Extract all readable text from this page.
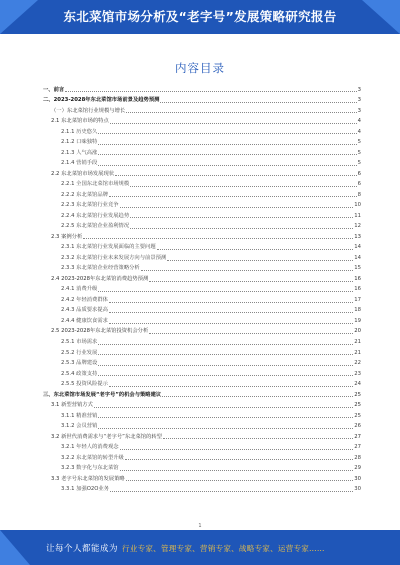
东北菜馆市场分析及“老字号”发展策略研究报告
内容目录
一、前言	3
二、2023-2028年东北菜馆市场前景及趋势预测	3
（一）东北菜馆行业规模与增长	3
2.1 东北菜馆市场的特点	4
2.1.1 历史悠久	4
2.1.2 口味独特	5
2.1.3 人气高涨	5
2.1.4 营销手段	5
2.2 东北菜馆市场发展现状	6
2.2.1 全国东北菜馆市场规模	6
2.2.2 东北菜馆品牌	8
2.2.3 东北菜馆行业竞争	10
2.2.4 东北菜馆行业发展趋势	11
2.2.5 东北菜馆企业盈利情况	12
2.3 案例分析	13
2.3.1 东北菜馆行业发展面临的主要问题	14
2.3.2 东北菜馆行业未来发展方向与前景预测	14
2.3.3 东北菜馆企业经营策略分析	15
2.4 2023-2028年东北菜馆消费趋势预测	16
2.4.1 消费升级	16
2.4.2 年轻消费群体	17
2.4.3 品质要求提高	18
2.4.4 健康饮食需求	19
2.5 2023-2028年东北菜馆投资机会分析	20
2.5.1 市场需求	21
2.5.2 行业发展	21
2.5.3 品牌建设	22
2.5.4 政策支持	23
2.5.5 投资风险提示	24
三、东北菜馆市场发展“老字号”的机会与策略建议	25
3.1 新型营销方式	25
3.1.1 精准营销	25
3.1.2 会员营销	26
3.2 新世代消费需求与“老字号”东北菜馆的转型	27
3.2.1 年轻人的消费观念	27
3.2.2 东北菜馆的转型升级	28
3.2.3 数字化与东北菜馆	29
3.3 老字号东北菜馆的发展策略	30
3.3.1 加强O2O业务	30
1
让每个人都能成为 行业专家、管理专家、营销专家、战略专家、运营专家……
